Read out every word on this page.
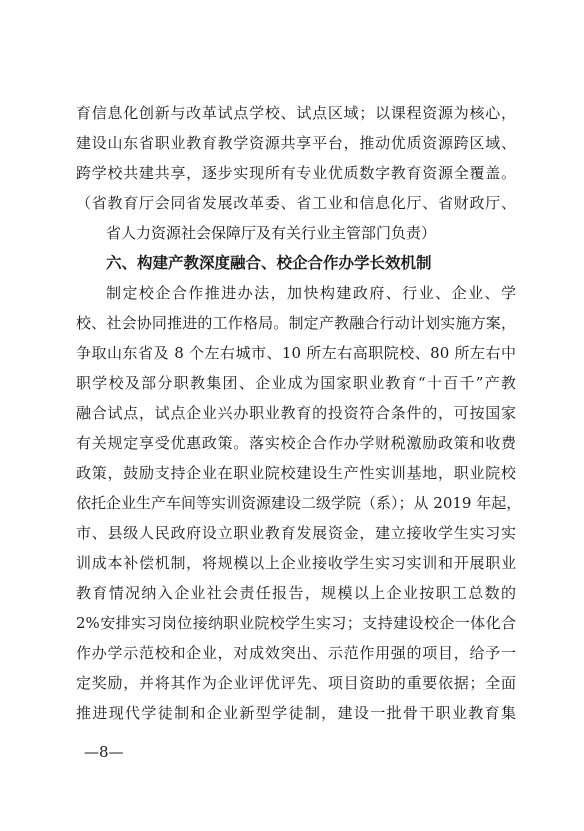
育信息化创新与改革试点学校、试点区域；以课程资源为核心，
建设山东省职业教育教学资源共享平台，推动优质资源跨区域、
跨学校共建共享，逐步实现所有专业优质数字教育资源全覆盖。
（省教育厅会同省发展改革委、省工业和信息化厅、省财政厅、
省人力资源社会保障厅及有关行业主管部门负责）
六、构建产教深度融合、校企合作办学长效机制
制定校企合作推进办法，加快构建政府、行业、企业、学
校、社会协同推进的工作格局。制定产教融合行动计划实施方案，
争取山东省及 8 个左右城市、10 所左右高职院校、80 所左右中
职学校及部分职教集团、企业成为国家职业教育“十百千”产教
融合试点，试点企业兴办职业教育的投资符合条件的，可按国家
有关规定享受优惠政策。落实校企合作办学财税激励政策和收费
政策，鼓励支持企业在职业院校建设生产性实训基地，职业院校
依托企业生产车间等实训资源建设二级学院（系）；从 2019 年起，
市、县级人民政府设立职业教育发展资金，建立接收学生实习实
训成本补偿机制，将规模以上企业接收学生实习实训和开展职业
教育情况纳入企业社会责任报告，规模以上企业按职工总数的
2%安排实习岗位接纳职业院校学生实习；支持建设校企一体化合
作办学示范校和企业，对成效突出、示范作用强的项目，给予一
定奖励，并将其作为企业评优评先、项目资助的重要依据；全面
推进现代学徒制和企业新型学徒制，建设一批骨干职业教育集
—8—
